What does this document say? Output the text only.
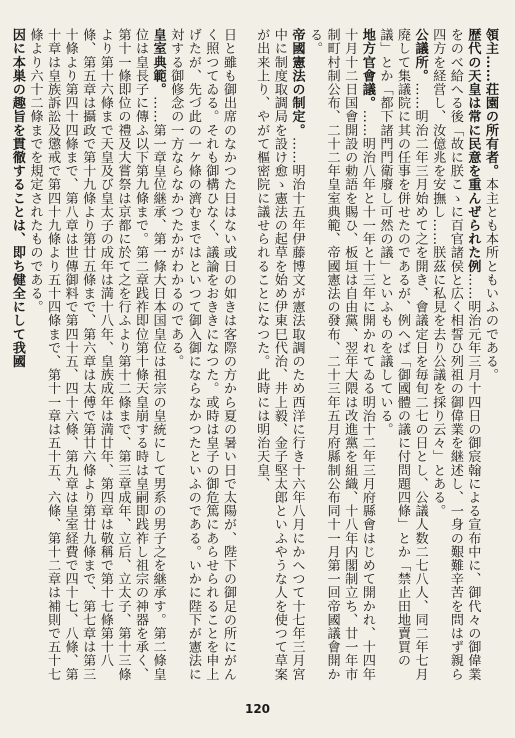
領主……荘園の所有者。本主とも本所ともいふのである。

歴代の天皇は常に民意を重んぜられた例……明治元年三月十四日の御宸翰による宣布中に、御代々の御偉業をのべ給へる後「故に朕こゝに百官諸侯と広く相誓ひ列祖の御偉業を継述し、一身の艱難辛苦を問はず親ら四方を経営し、汝億兆を安撫し……朕茲に私見を去り公議を採り云々」とある。

公議所。……明治二年三月始めて之を開き、會議定日を毎旬二七の日とし、公議人数二七八人、同二年七月廃して集議院に其の任事を併せたのであるが、例へば「御國體の議に付問題四條」とか「禁止田地賣買の議」とか「都下諸門門衛廢し可然の議」といふものを議している。

地方官會議。……明治八年と十一年と十三年に開かれてゐる明治十二年三月府縣會はじめて開かれ、十四年十月十二日国會開設の勅語を賜ひ、板垣は自由黨、翌年大隈は改進黨を組織、十八年内閣制立ち、廿一年市制町村制公布、二十二年皇室典範、帝國憲法の發布、二十三年五月府縣制公布同十一月第一回帝國議會開かる。

帝國憲法の制定。……明治十五年伊藤博文が憲法取調のため西洋に行き十六年八月にかへつて十七年三月宮中に制度取調局を設け愈ゝ憲法の起草を始め伊東巳代治、井上毅、金子堅太郎といふやうな人を使つて草案が出来上り、やがて樞密院に議せられることになつた。此時には明治天皇、

日と雖も御出席のなかつた日はない或日の如きは客際の方から夏の暑い日で太陽が、陛下の御足の所にがんく照つてゐる。それも御構ひなく、議論をおききになつた。或時は皇子の御危篤にあらせられることを申上げたが、先づ此の一ケ條の濟むまではといつて御入御にならなかつたといふのである。いかに陛下が憲法に対する御修念の一方ならなかつたかがわかるのである。

皇室典範。……第一章皇位継承、第一條大日本国皇位は祖宗の皇統にして男系の男子之を継承す。第二條皇位は皇長子に傳ふ以下第九條まで。第二章践祚即位第十條天皇崩する時は皇嗣即践祚し祖宗の神器を承く、第十一條即位の禮及大嘗祭は京都に於て之を行ふより第十二條まで、第三章成年、立后、立太子、第十三條より第十六條まで天皇及び皇太子の成年は満十八年、皇族成年は満廿年、第四章は敬稱で第十七條第十八條、第五章は攝政で第十九條より第廿五條まで、第六章は太傅で第廿六條より第廿九條まで、第七章は第三十條より第四十四條まで、第八章は世傳御料で第四十五、四十六條、第九章は皇室経費で四十七、八條、第十章は皇族訴訟及懲戒で第四十九條より五十四條まで、第十一章は五十五、六條、第十二章は補則で五十七條より六十二條までを規定されたものである。

因に本巣の趣旨を貫徹することは、即ち健全にして我國

120
